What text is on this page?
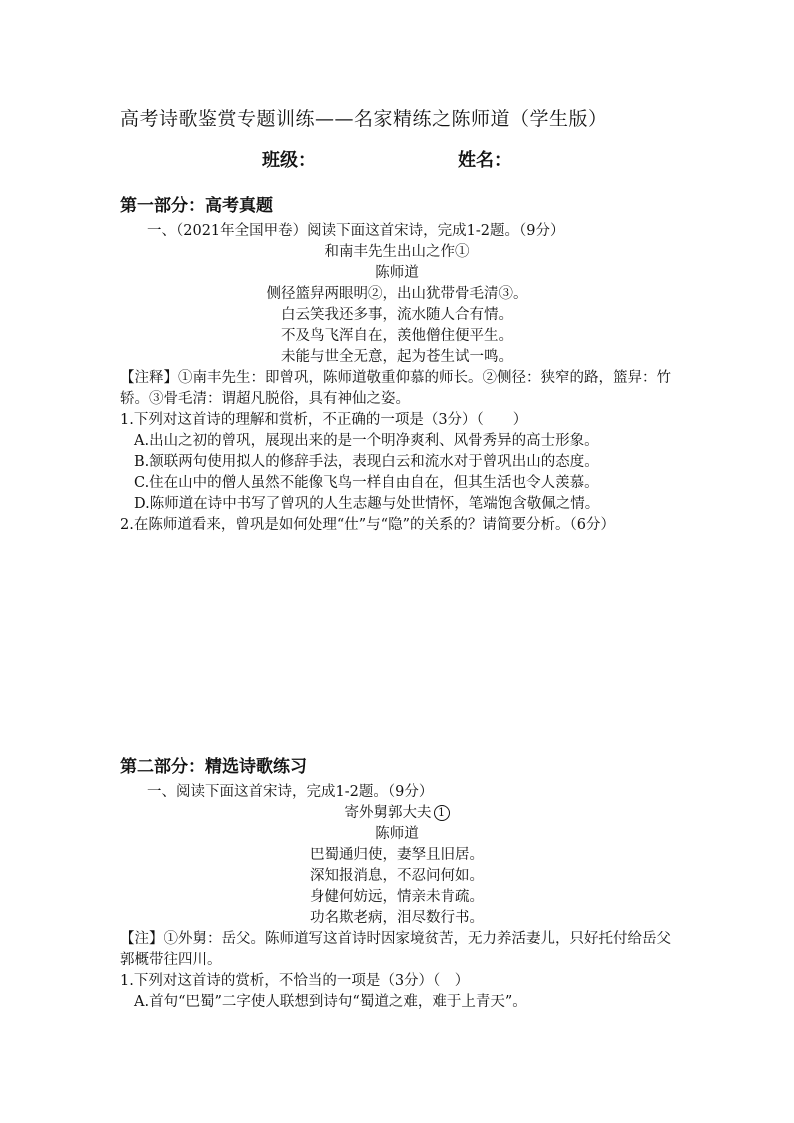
高考诗歌鉴赏专题训练——名家精练之陈师道（学生版）
班级：	姓名：
第一部分：高考真题
一、（2021年全国甲卷）阅读下面这首宋诗，完成1-2题。（9分）
和南丰先生出山之作①
陈师道
侧径篮舁两眼明②，出山犹带骨毛清③。
白云笑我还多事，流水随人合有情。
不及鸟飞浑自在，羡他僧住便平生。
未能与世全无意，起为苍生试一鸣。
【注释】①南丰先生：即曾巩，陈师道敬重仰慕的师长。②侧径：狭窄的路，篮舁：竹
轿。③骨毛清：谓超凡脱俗，具有神仙之姿。
1.下列对这首诗的理解和赏析，不正确的一项是（3分）（　　）
A.出山之初的曾巩，展现出来的是一个明净爽利、风骨秀异的高士形象。
B.颔联两句使用拟人的修辞手法，表现白云和流水对于曾巩出山的态度。
C.住在山中的僧人虽然不能像飞鸟一样自由自在，但其生活也令人羡慕。
D.陈师道在诗中书写了曾巩的人生志趣与处世情怀，笔端饱含敬佩之情。
2.在陈师道看来，曾巩是如何处理“仕”与“隐”的关系的？请简要分析。（6分）
第二部分：精选诗歌练习
一、阅读下面这首宋诗，完成1-2题。（9分）
寄外舅郭大夫 1
陈师道
巴蜀通归使，妻孥且旧居。
深知报消息，不忍问何如。
身健何妨远，情亲未肯疏。
功名欺老病，泪尽数行书。
【注】①外舅：岳父。陈师道写这首诗时因家境贫苦，无力养活妻儿，只好托付给岳父
郭概带往四川。
1.下列对这首诗的赏析，不恰当的一项是（3分）（　）
A.首句“巴蜀”二字使人联想到诗句“蜀道之难，难于上青天”。
